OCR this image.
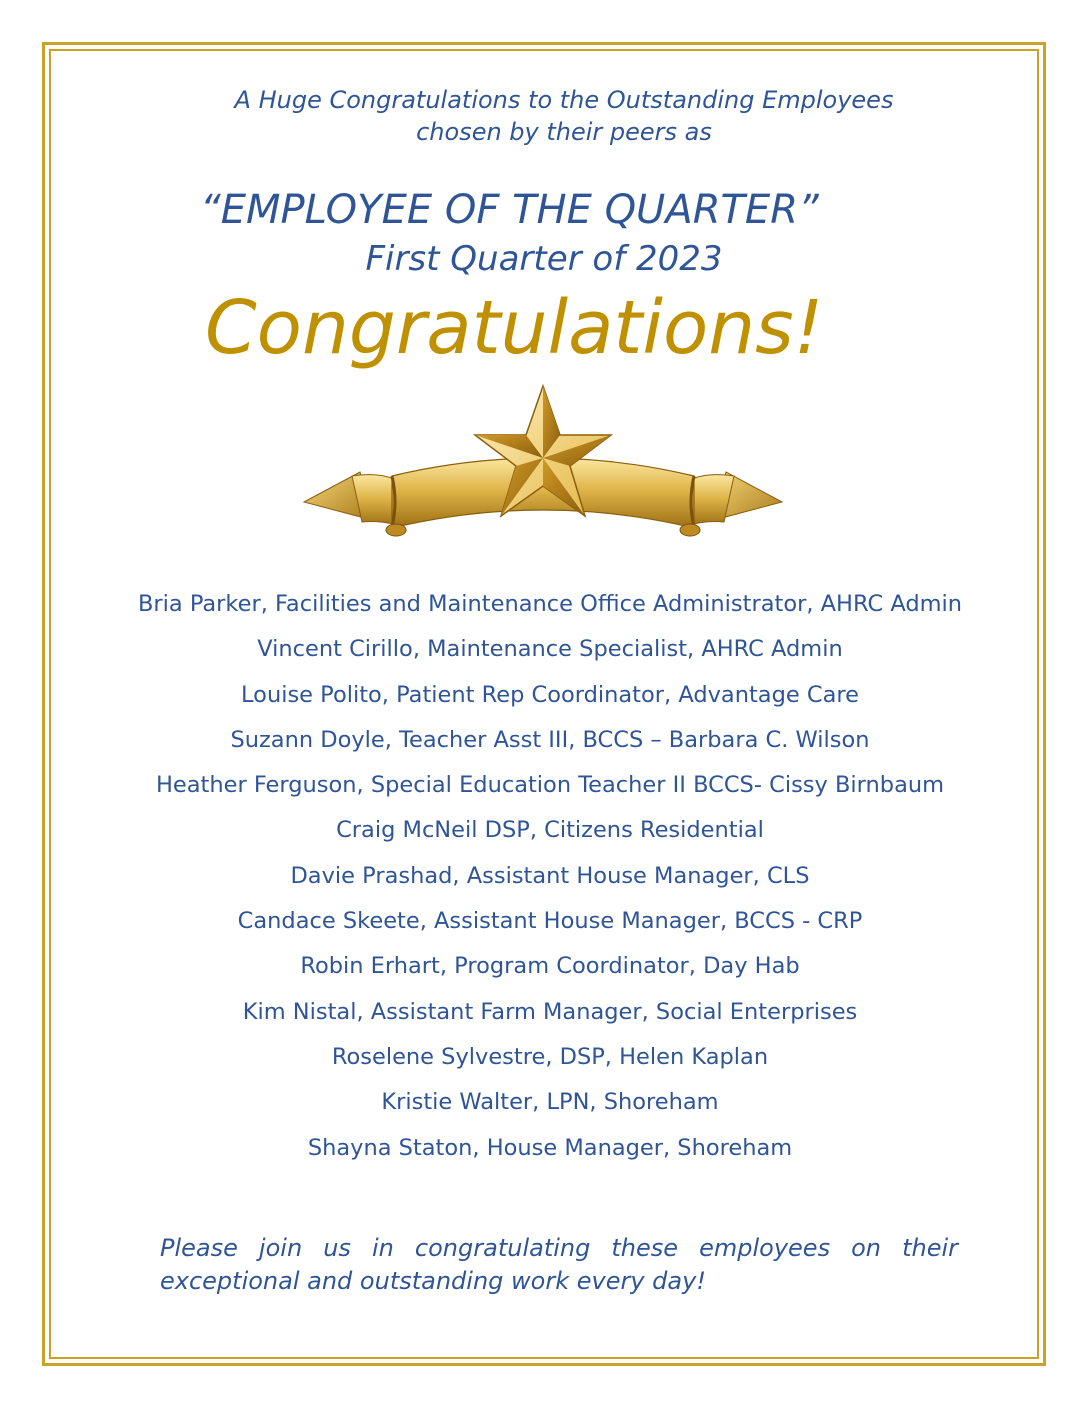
A Huge Congratulations to the Outstanding Employees
chosen by their peers as
“EMPLOYEE OF THE QUARTER”
First Quarter of 2023
Congratulations!
Bria Parker, Facilities and Maintenance Office Administrator, AHRC Admin
Vincent Cirillo, Maintenance Specialist, AHRC Admin
Louise Polito, Patient Rep Coordinator, Advantage Care
Suzann Doyle, Teacher Asst III, BCCS – Barbara C. Wilson
Heather Ferguson, Special Education Teacher II BCCS- Cissy Birnbaum
Craig McNeil DSP, Citizens Residential
Davie Prashad, Assistant House Manager, CLS
Candace Skeete, Assistant House Manager, BCCS - CRP
Robin Erhart, Program Coordinator, Day Hab
Kim Nistal, Assistant Farm Manager, Social Enterprises
Roselene Sylvestre, DSP, Helen Kaplan
Kristie Walter, LPN, Shoreham
Shayna Staton, House Manager, Shoreham
Please join us in congratulating these employees on their
exceptional and outstanding work every day!
